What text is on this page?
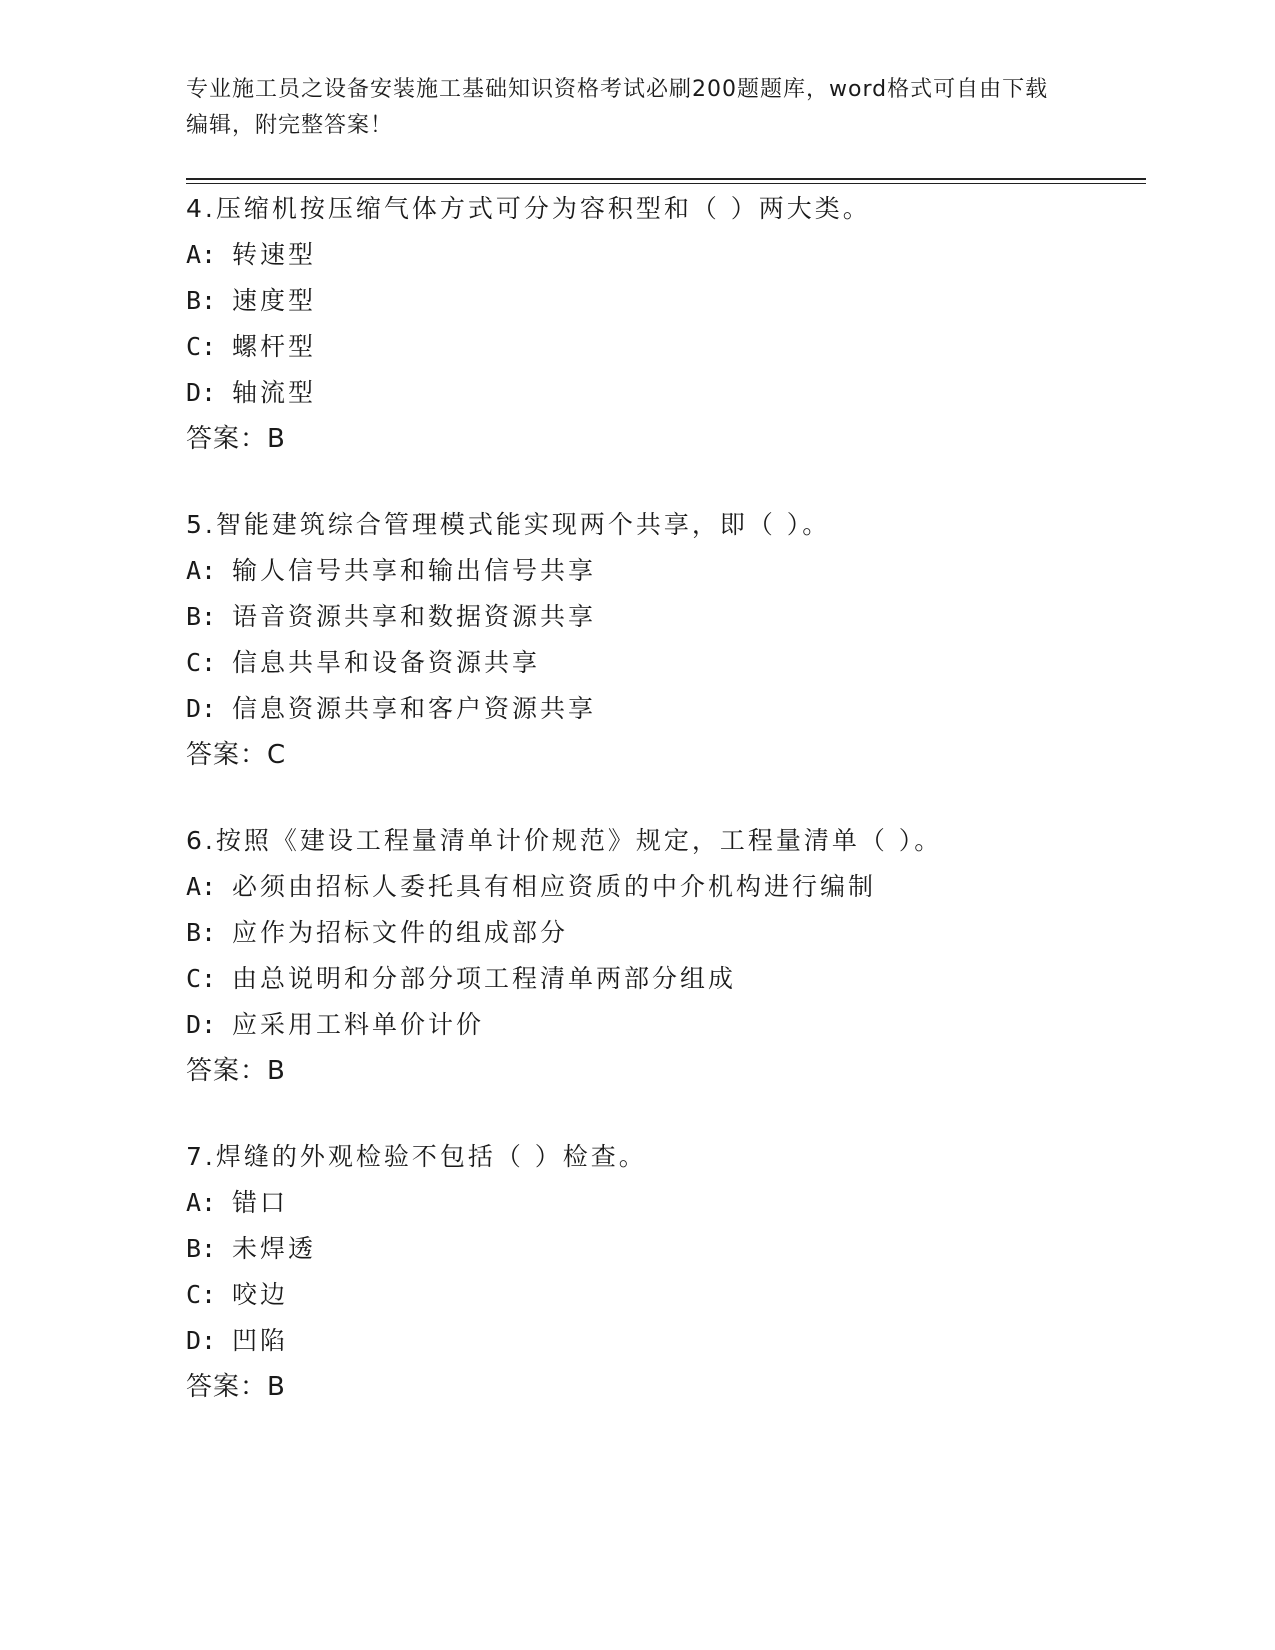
专业施工员之设备安装施工基础知识资格考试必刷200题题库，word格式可自由下载编辑，附完整答案！
4.压缩机按压缩气体方式可分为容积型和（ ）两大类。
A: 转速型
B: 速度型
C: 螺杆型
D: 轴流型
答案：B
5.智能建筑综合管理模式能实现两个共享，即（ ）。
A: 输人信号共享和输出信号共享
B: 语音资源共享和数据资源共享
C: 信息共旱和设备资源共享
D: 信息资源共享和客户资源共享
答案：C
6.按照《建设工程量清单计价规范》规定，工程量清单（ ）。
A: 必须由招标人委托具有相应资质的中介机构进行编制
B: 应作为招标文件的组成部分
C: 由总说明和分部分项工程清单两部分组成
D: 应采用工料单价计价
答案：B
7.焊缝的外观检验不包括（ ）检查。
A: 错口
B: 未焊透
C: 咬边
D: 凹陷
答案：B
